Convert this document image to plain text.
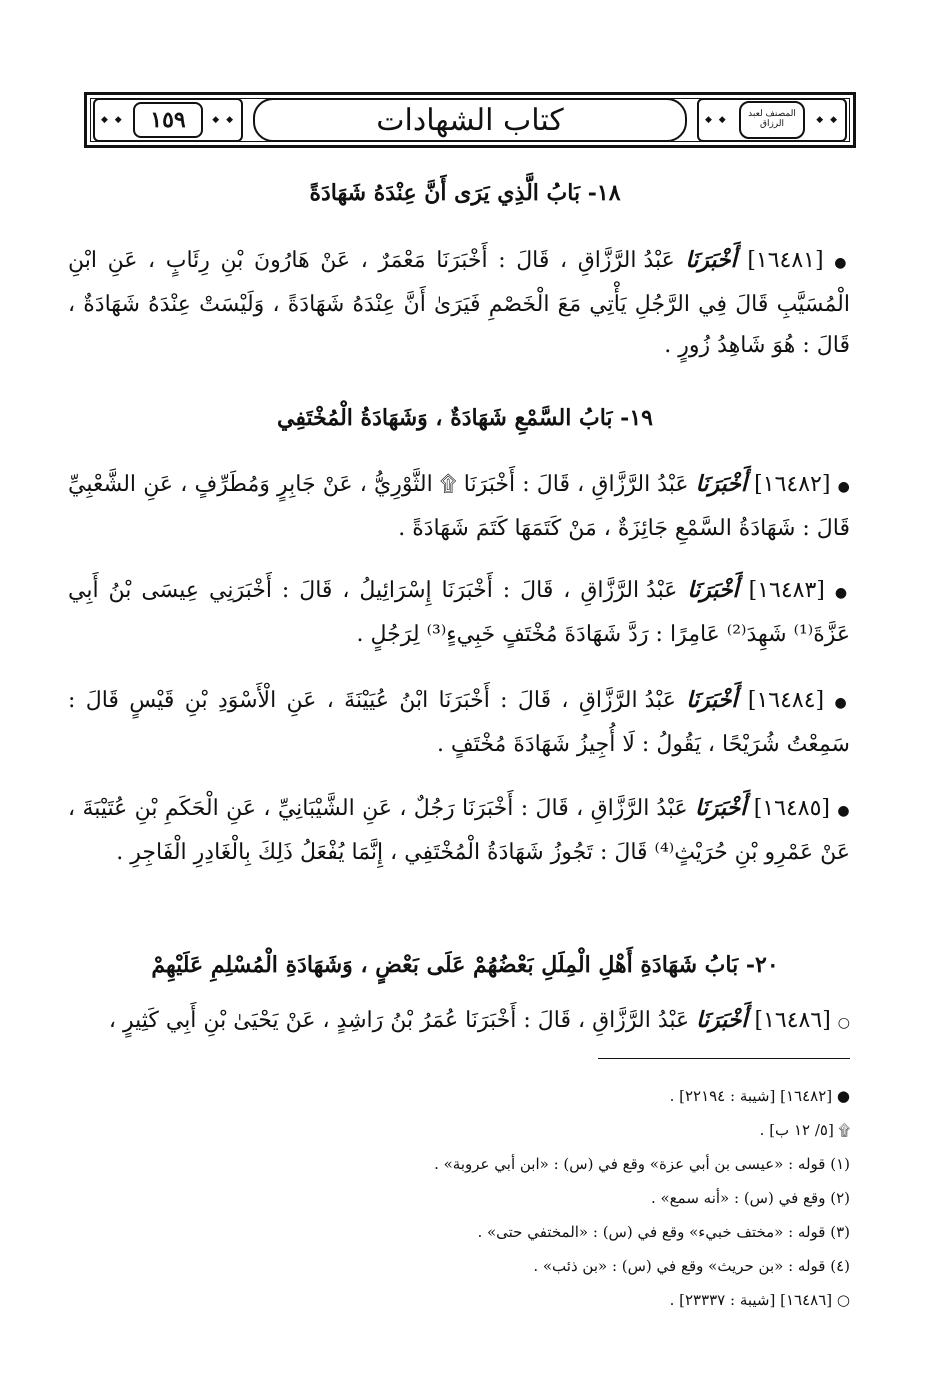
◆ ◆ المصنف لعبد الرزاق
◆ ◆
كتاب الشهادات
◆ ◆ ١٥٩
◆ ◆
١٨- بَابُ الَّذِي يَرَى أَنَّ عِنْدَهُ شَهَادَةً
● [١٦٤٨١] أَخْبَرَنَا عَبْدُ الرَّزَّاقِ ، قَالَ : أَخْبَرَنَا مَعْمَرٌ ، عَنْ هَارُونَ بْنِ رِئَابٍ ، عَنِ ابْنِ الْمُسَيَّبِ قَالَ فِي الرَّجُلِ يَأْتِي مَعَ الْخَصْمِ فَيَرَىٰ أَنَّ عِنْدَهُ شَهَادَةً ، وَلَيْسَتْ عِنْدَهُ شَهَادَةٌ ، قَالَ : هُوَ شَاهِدُ زُورٍ .
١٩- بَابُ السَّمْعِ شَهَادَةٌ ، وَشَهَادَةُ الْمُخْتَفِي
● [١٦٤٨٢] أَخْبَرَنَا عَبْدُ الرَّزَّاقِ ، قَالَ : أَخْبَرَنَا ۩ الثَّوْرِيُّ ، عَنْ جَابِرٍ وَمُطَرِّفٍ ، عَنِ الشَّعْبِيِّ قَالَ : شَهَادَةُ السَّمْعِ جَائِزَةٌ ، مَنْ كَتَمَهَا كَتَمَ شَهَادَةً .
● [١٦٤٨٣] أَخْبَرَنَا عَبْدُ الرَّزَّاقِ ، قَالَ : أَخْبَرَنَا إِسْرَائِيلُ ، قَالَ : أَخْبَرَنِي عِيسَى بْنُ أَبِي عَزَّةَ⁽¹⁾ شَهِدَ⁽²⁾ عَامِرًا : رَدَّ شَهَادَةَ مُخْتَفٍ خَبِيءٍ⁽³⁾ لِرَجُلٍ .
● [١٦٤٨٤] أَخْبَرَنَا عَبْدُ الرَّزَّاقِ ، قَالَ : أَخْبَرَنَا ابْنُ عُيَيْنَةَ ، عَنِ الْأَسْوَدِ بْنِ قَيْسٍ قَالَ : سَمِعْتُ شُرَيْحًا ، يَقُولُ : لَا أُجِيزُ شَهَادَةَ مُخْتَفٍ .
● [١٦٤٨٥] أَخْبَرَنَا عَبْدُ الرَّزَّاقِ ، قَالَ : أَخْبَرَنَا رَجُلٌ ، عَنِ الشَّيْبَانِيِّ ، عَنِ الْحَكَمِ بْنِ عُتَيْبَةَ ، عَنْ عَمْرِو بْنِ حُرَيْثٍ⁽⁴⁾ قَالَ : تَجُوزُ شَهَادَةُ الْمُخْتَفِي ، إِنَّمَا يُفْعَلُ ذَلِكَ بِالْغَادِرِ الْفَاجِرِ .
٢٠- بَابُ شَهَادَةِ أَهْلِ الْمِلَلِ بَعْضُهُمْ عَلَى بَعْضٍ ، وَشَهَادَةِ الْمُسْلِمِ عَلَيْهِمْ
○ [١٦٤٨٦] أَخْبَرَنَا عَبْدُ الرَّزَّاقِ ، قَالَ : أَخْبَرَنَا عُمَرُ بْنُ رَاشِدٍ ، عَنْ يَحْيَىٰ بْنِ أَبِي كَثِيرٍ ،
● [١٦٤٨٢] [شيبة : ٢٢١٩٤] .
۩ [٥/ ١٢ ب] .
(١) قوله : «عيسى بن أبي عزة» وقع في (س) : «ابن أبي عروبة» .
(٢) وقع في (س) : «أنه سمع» .
(٣) قوله : «مختف خبيء» وقع في (س) : «المختفي حتى» .
(٤) قوله : «بن حريث» وقع في (س) : «بن ذئب» .
○ [١٦٤٨٦] [شيبة : ٢٣٣٣٧] .
